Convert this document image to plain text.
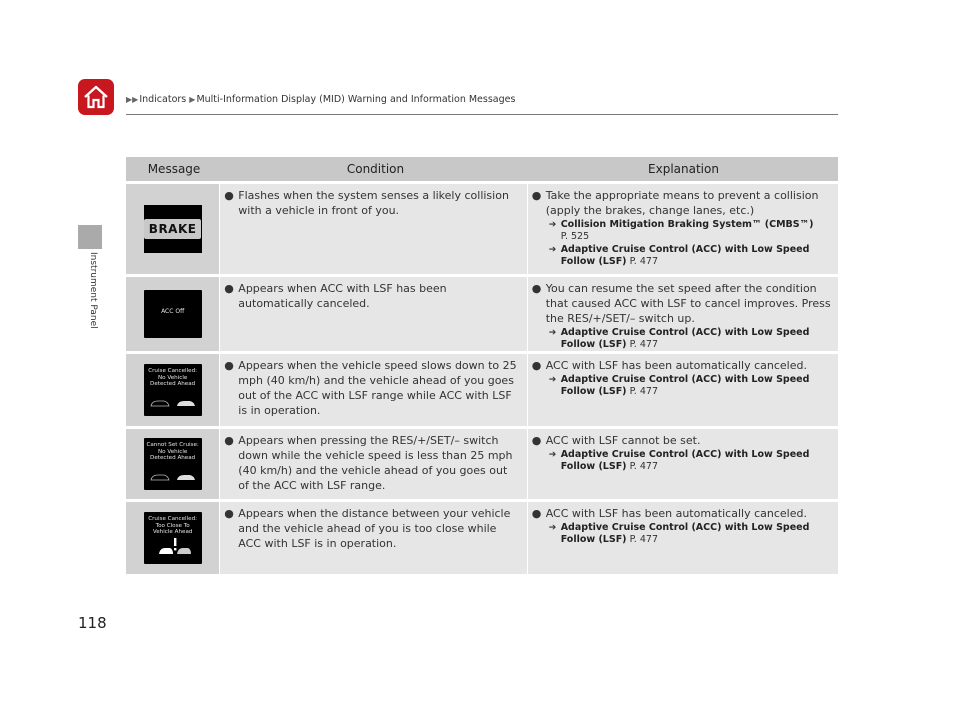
▶▶Indicators ▶Multi-Information Display (MID) Warning and Information Messages
Instrument Panel
118
Message	Condition	Explanation
BRAKE
● Flashes when the system senses a likely collision with a vehicle in front of you.
● Take the appropriate means to prevent a collision (apply the brakes, change lanes, etc.)
➔ Collision Mitigation Braking System™ (CMBS™)
P. 525
➔ Adaptive Cruise Control (ACC) with Low Speed Follow (LSF) P. 477
ACC Off
● Appears when ACC with LSF has been automatically canceled.
● You can resume the set speed after the condition that caused ACC with LSF to cancel improves. Press the RES/+/SET/– switch up.
➔ Adaptive Cruise Control (ACC) with Low Speed Follow (LSF) P. 477
Cruise Cancelled:
No Vehicle
Detected Ahead
● Appears when the vehicle speed slows down to 25 mph (40 km/h) and the vehicle ahead of you goes out of the ACC with LSF range while ACC with LSF is in operation.
● ACC with LSF has been automatically canceled.
➔ Adaptive Cruise Control (ACC) with Low Speed Follow (LSF) P. 477
Cannot Set Cruise:
No Vehicle
Detected Ahead
● Appears when pressing the RES/+/SET/– switch down while the vehicle speed is less than 25 mph (40 km/h) and the vehicle ahead of you goes out of the ACC with LSF range.
● ACC with LSF cannot be set.
➔ Adaptive Cruise Control (ACC) with Low Speed Follow (LSF) P. 477
Cruise Cancelled:
Too Close To
Vehicle Ahead
● Appears when the distance between your vehicle and the vehicle ahead of you is too close while ACC with LSF is in operation.
● ACC with LSF has been automatically canceled.
➔ Adaptive Cruise Control (ACC) with Low Speed Follow (LSF) P. 477
